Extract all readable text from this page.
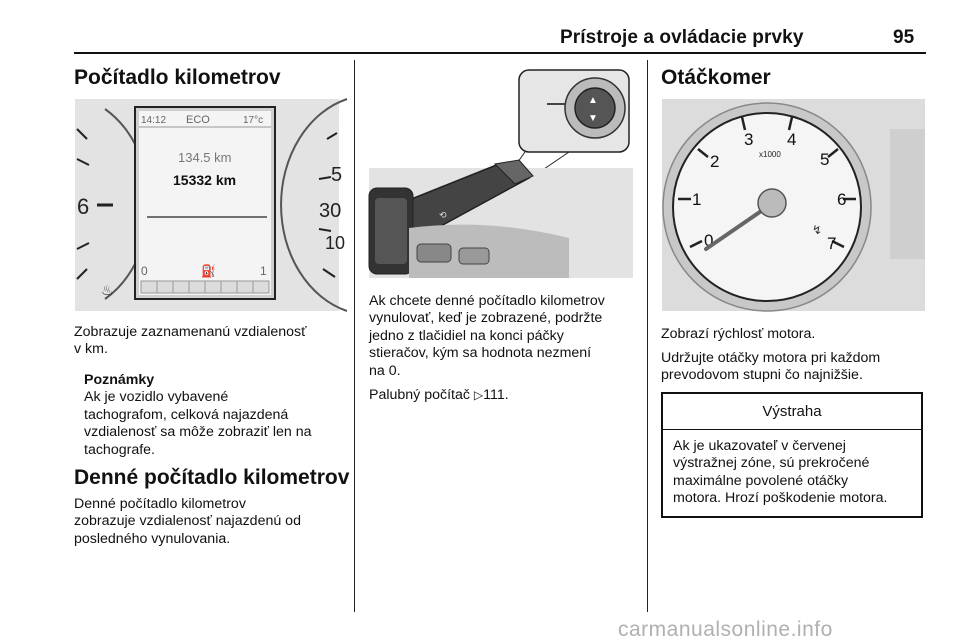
Prístroje a ovládacie prvky	95
Počítadlo kilometrov
6
♨
14:12 ECO	17°c
134.5 km
15332 km
0	1
⛽
5
30
10
Zobrazuje zaznamenanú vzdialenosť
v km.
Poznámky
Ak je vozidlo vybavené
tachografom, celková najazdená
vzdialenosť sa môže zobraziť len na
tachografe.
Denné počítadlo kilometrov
Denné počítadlo kilometrov
zobrazuje vzdialenosť najazdenú od
posledného vynulovania.
▲
▼
⟲
Ak chcete denné počítadlo kilometrov
vynulovať, keď je zobrazené, podržte
jedno z tlačidiel na konci páčky
stieračov, kým sa hodnota nezmení
na 0.
Palubný počítač ▷111.
Otáčkomer
0
1
2
3 4
5
6
7
x1000
↯
Zobrazí rýchlosť motora.
Udržujte otáčky motora pri každom
prevodovom stupni čo najnižšie.
Výstraha
Ak je ukazovateľ v červenej
výstražnej zóne, sú prekročené
maximálne povolené otáčky
motora. Hrozí poškodenie motora.
carmanualsonline.info
